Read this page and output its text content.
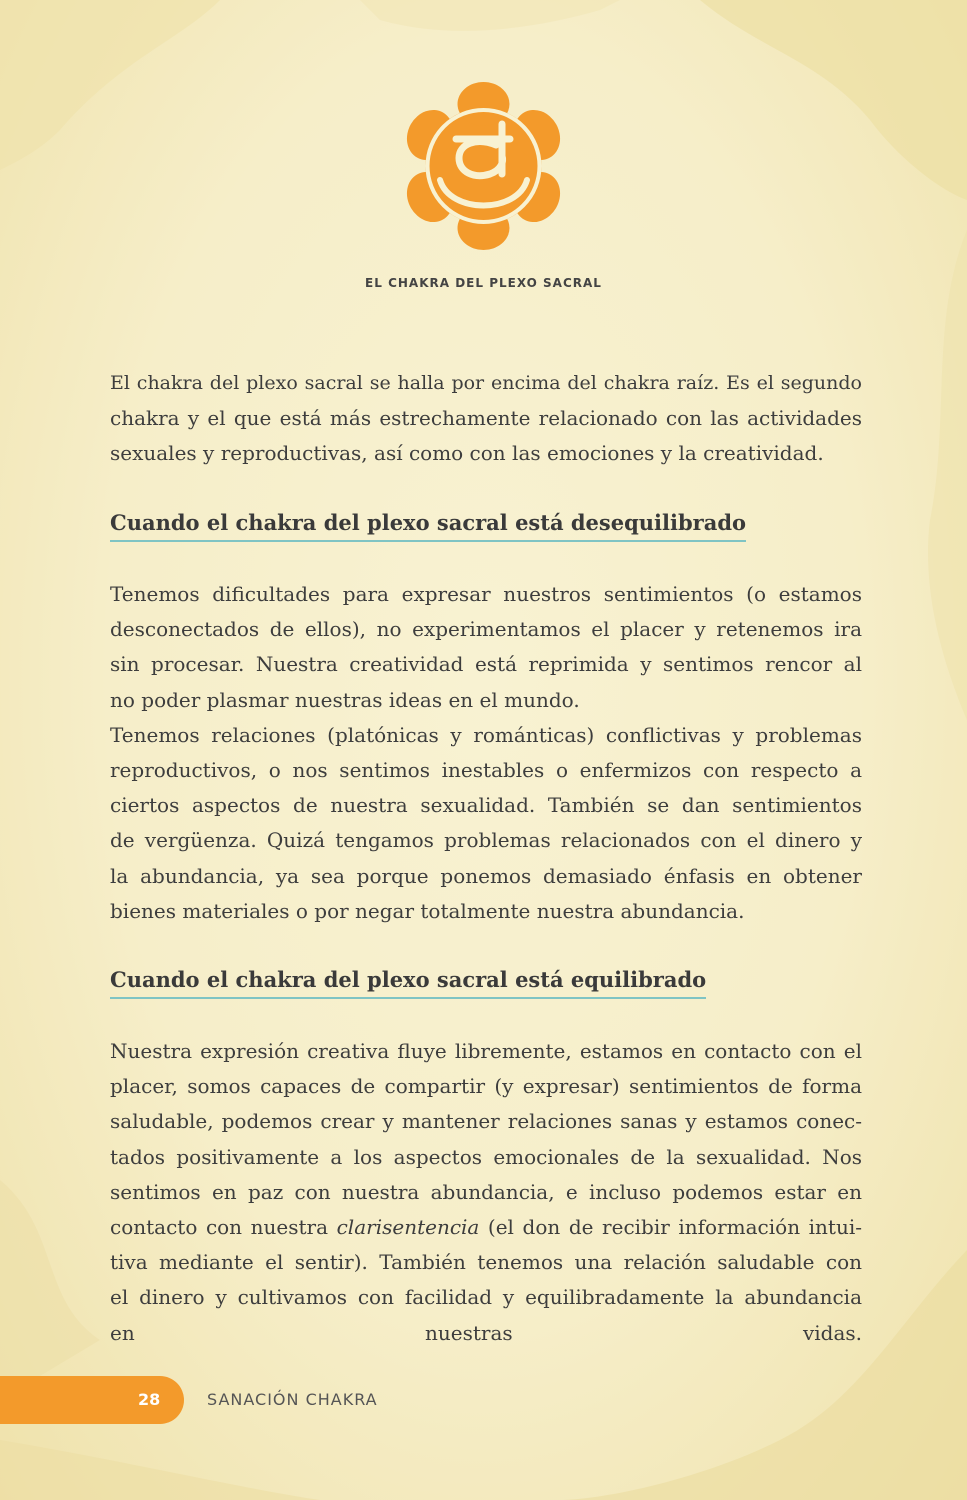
EL CHAKRA DEL PLEXO SACRAL

El chakra del plexo sacral se halla por encima del chakra raíz. Es el segundo
chakra y el que está más estrechamente relacionado con las actividades
sexuales y reproductivas, así como con las emociones y la creatividad.

Cuando el chakra del plexo sacral está desequilibrado

Tenemos dificultades para expresar nuestros sentimientos (o estamos
desconectados de ellos), no experimentamos el placer y retenemos ira
sin procesar. Nuestra creatividad está reprimida y sentimos rencor al
no poder plasmar nuestras ideas en el mundo.
Tenemos relaciones (platónicas y románticas) conflictivas y problemas
reproductivos, o nos sentimos inestables o enfermizos con respecto a
ciertos aspectos de nuestra sexualidad. También se dan sentimientos
de vergüenza. Quizá tengamos problemas relacionados con el dinero y
la abundancia, ya sea porque ponemos demasiado énfasis en obtener
bienes materiales o por negar totalmente nuestra abundancia.

Cuando el chakra del plexo sacral está equilibrado

Nuestra expresión creativa fluye libremente, estamos en contacto con el
placer, somos capaces de compartir (y expresar) sentimientos de forma
saludable, podemos crear y mantener relaciones sanas y estamos conec-
tados positivamente a los aspectos emocionales de la sexualidad. Nos
sentimos en paz con nuestra abundancia, e incluso podemos estar en
contacto con nuestra clarisentencia (el don de recibir información intui-
tiva mediante el sentir). También tenemos una relación saludable con
el dinero y cultivamos con facilidad y equilibradamente la abundancia
en nuestras vidas.

28	SANACIÓN CHAKRA
